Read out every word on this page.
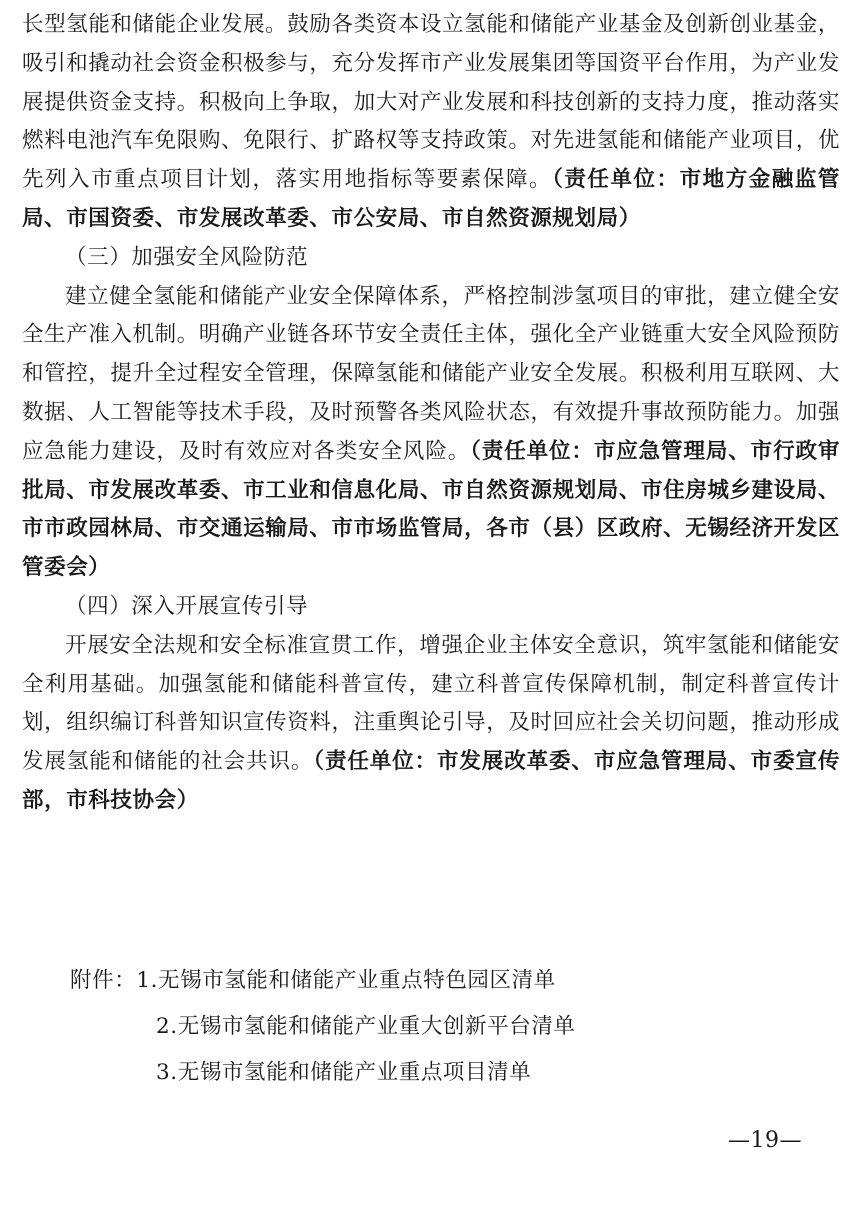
长型氢能和储能企业发展。鼓励各类资本设立氢能和储能产业基金及创新创业基金，吸引和撬动社会资金积极参与，充分发挥市产业发展集团等国资平台作用，为产业发展提供资金支持。积极向上争取，加大对产业发展和科技创新的支持力度，推动落实燃料电池汽车免限购、免限行、扩路权等支持政策。对先进氢能和储能产业项目，优先列入市重点项目计划，落实用地指标等要素保障。（责任单位：市地方金融监管局、市国资委、市发展改革委、市公安局、市自然资源规划局）

（三）加强安全风险防范

建立健全氢能和储能产业安全保障体系，严格控制涉氢项目的审批，建立健全安全生产准入机制。明确产业链各环节安全责任主体，强化全产业链重大安全风险预防和管控，提升全过程安全管理，保障氢能和储能产业安全发展。积极利用互联网、大数据、人工智能等技术手段，及时预警各类风险状态，有效提升事故预防能力。加强应急能力建设，及时有效应对各类安全风险。（责任单位：市应急管理局、市行政审批局、市发展改革委、市工业和信息化局、市自然资源规划局、市住房城乡建设局、市市政园林局、市交通运输局、市市场监管局，各市（县）区政府、无锡经济开发区管委会）

（四）深入开展宣传引导

开展安全法规和安全标准宣贯工作，增强企业主体安全意识，筑牢氢能和储能安全利用基础。加强氢能和储能科普宣传，建立科普宣传保障机制，制定科普宣传计划，组织编订科普知识宣传资料，注重舆论引导，及时回应社会关切问题，推动形成发展氢能和储能的社会共识。（责任单位：市发展改革委、市应急管理局、市委宣传部，市科技协会）

附件：1.无锡市氢能和储能产业重点特色园区清单
2.无锡市氢能和储能产业重大创新平台清单
3.无锡市氢能和储能产业重点项目清单
—19—
